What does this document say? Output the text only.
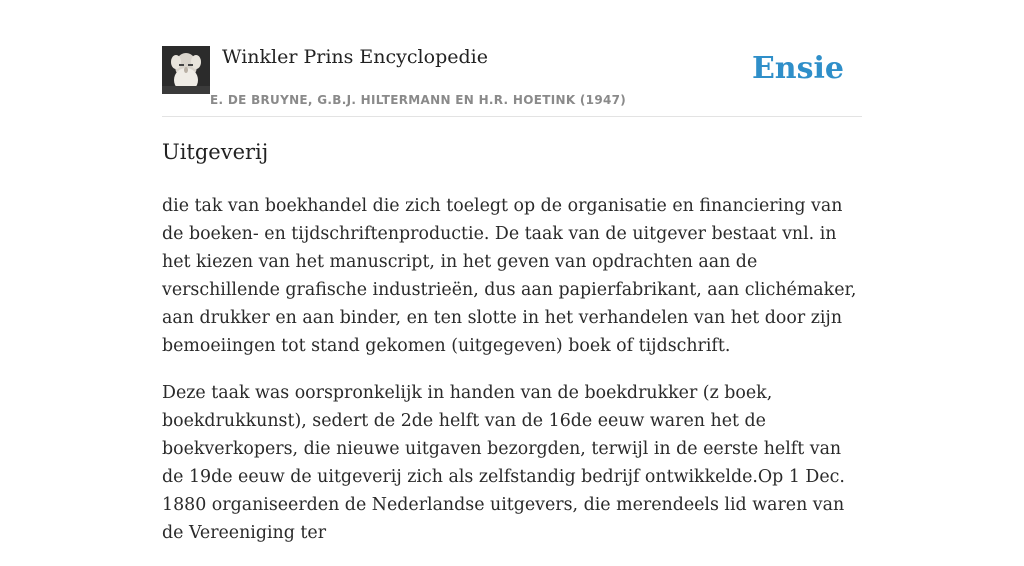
Winkler Prins Encyclopedie
E. DE BRUYNE, G.B.J. HILTERMANN EN H.R. HOETINK (1947)
Ensie
Uitgeverij

die tak van boekhandel die zich toelegt op de organisatie en financiering van de boeken- en tijdschriftenproductie. De taak van de uitgever bestaat vnl. in het kiezen van het manuscript, in het geven van opdrachten aan de verschillende grafische industrieën, dus aan papierfabrikant, aan clichémaker, aan drukker en aan binder, en ten slotte in het verhandelen van het door zijn bemoeiingen tot stand gekomen (uitgegeven) boek of tijdschrift.

Deze taak was oorspronkelijk in handen van de boekdrukker (z boek, boekdrukkunst), sedert de 2de helft van de 16de eeuw waren het de boekverkopers, die nieuwe uitgaven bezorgden, terwijl in de eerste helft van de 19de eeuw de uitgeverij zich als zelfstandig bedrijf ontwikkelde.Op 1 Dec. 1880 organiseerden de Nederlandse uitgevers, die merendeels lid waren van de Vereeniging ter
